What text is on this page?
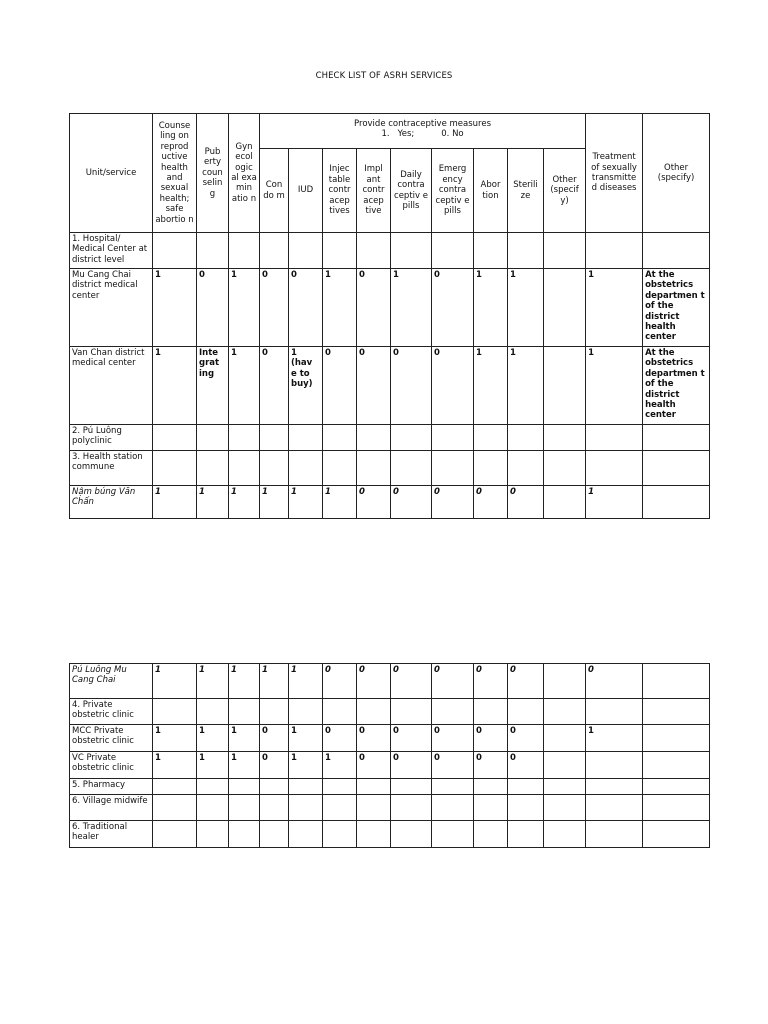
CHECK LIST OF ASRH SERVICES
Unit/service	Counse ling on reprod uctive health and sexual health; safe abortio n	Pub erty coun selin g	Gyn ecol ogic al exa min atio n	Provide contraceptive measures
1.   Yes;          0. No									Treatment of sexually transmitte d diseases	Other (specify)
				Con do m	IUD	Injec table contr acep tives	Impl ant contr acep tive	Daily contra ceptiv e pills	Emerg ency contra ceptiv e pills	Abor tion	Sterili ze	Other (specif y)		
1. Hospital/ Medical Center at district level														
Mu Cang Chai district medical center	1	0	1	0	0	1	0	1	0	1	1		1	At the obstetrics departmen t of the district health center
Van Chan district medical center	1	Inte grat ing	1	0	1 (hav e to buy)	0	0	0	0	1	1		1	At the obstetrics departmen t of the district health center
2. Pú Luông polyclinic														
3. Health station commune														
Nậm búng Văn Chấn	1	1	1	1	1	1	0	0	0	0	0		1	
Pú Luông Mu Cang Chai	1	1	1	1	1	0	0	0	0	0	0		0	
4. Private obstetric clinic														
MCC Private obstetric clinic	1	1	1	0	1	0	0	0	0	0	0		1	
VC Private obstetric clinic	1	1	1	0	1	1	0	0	0	0	0			
5. Pharmacy														
6. Village midwife														
6. Traditional healer														
